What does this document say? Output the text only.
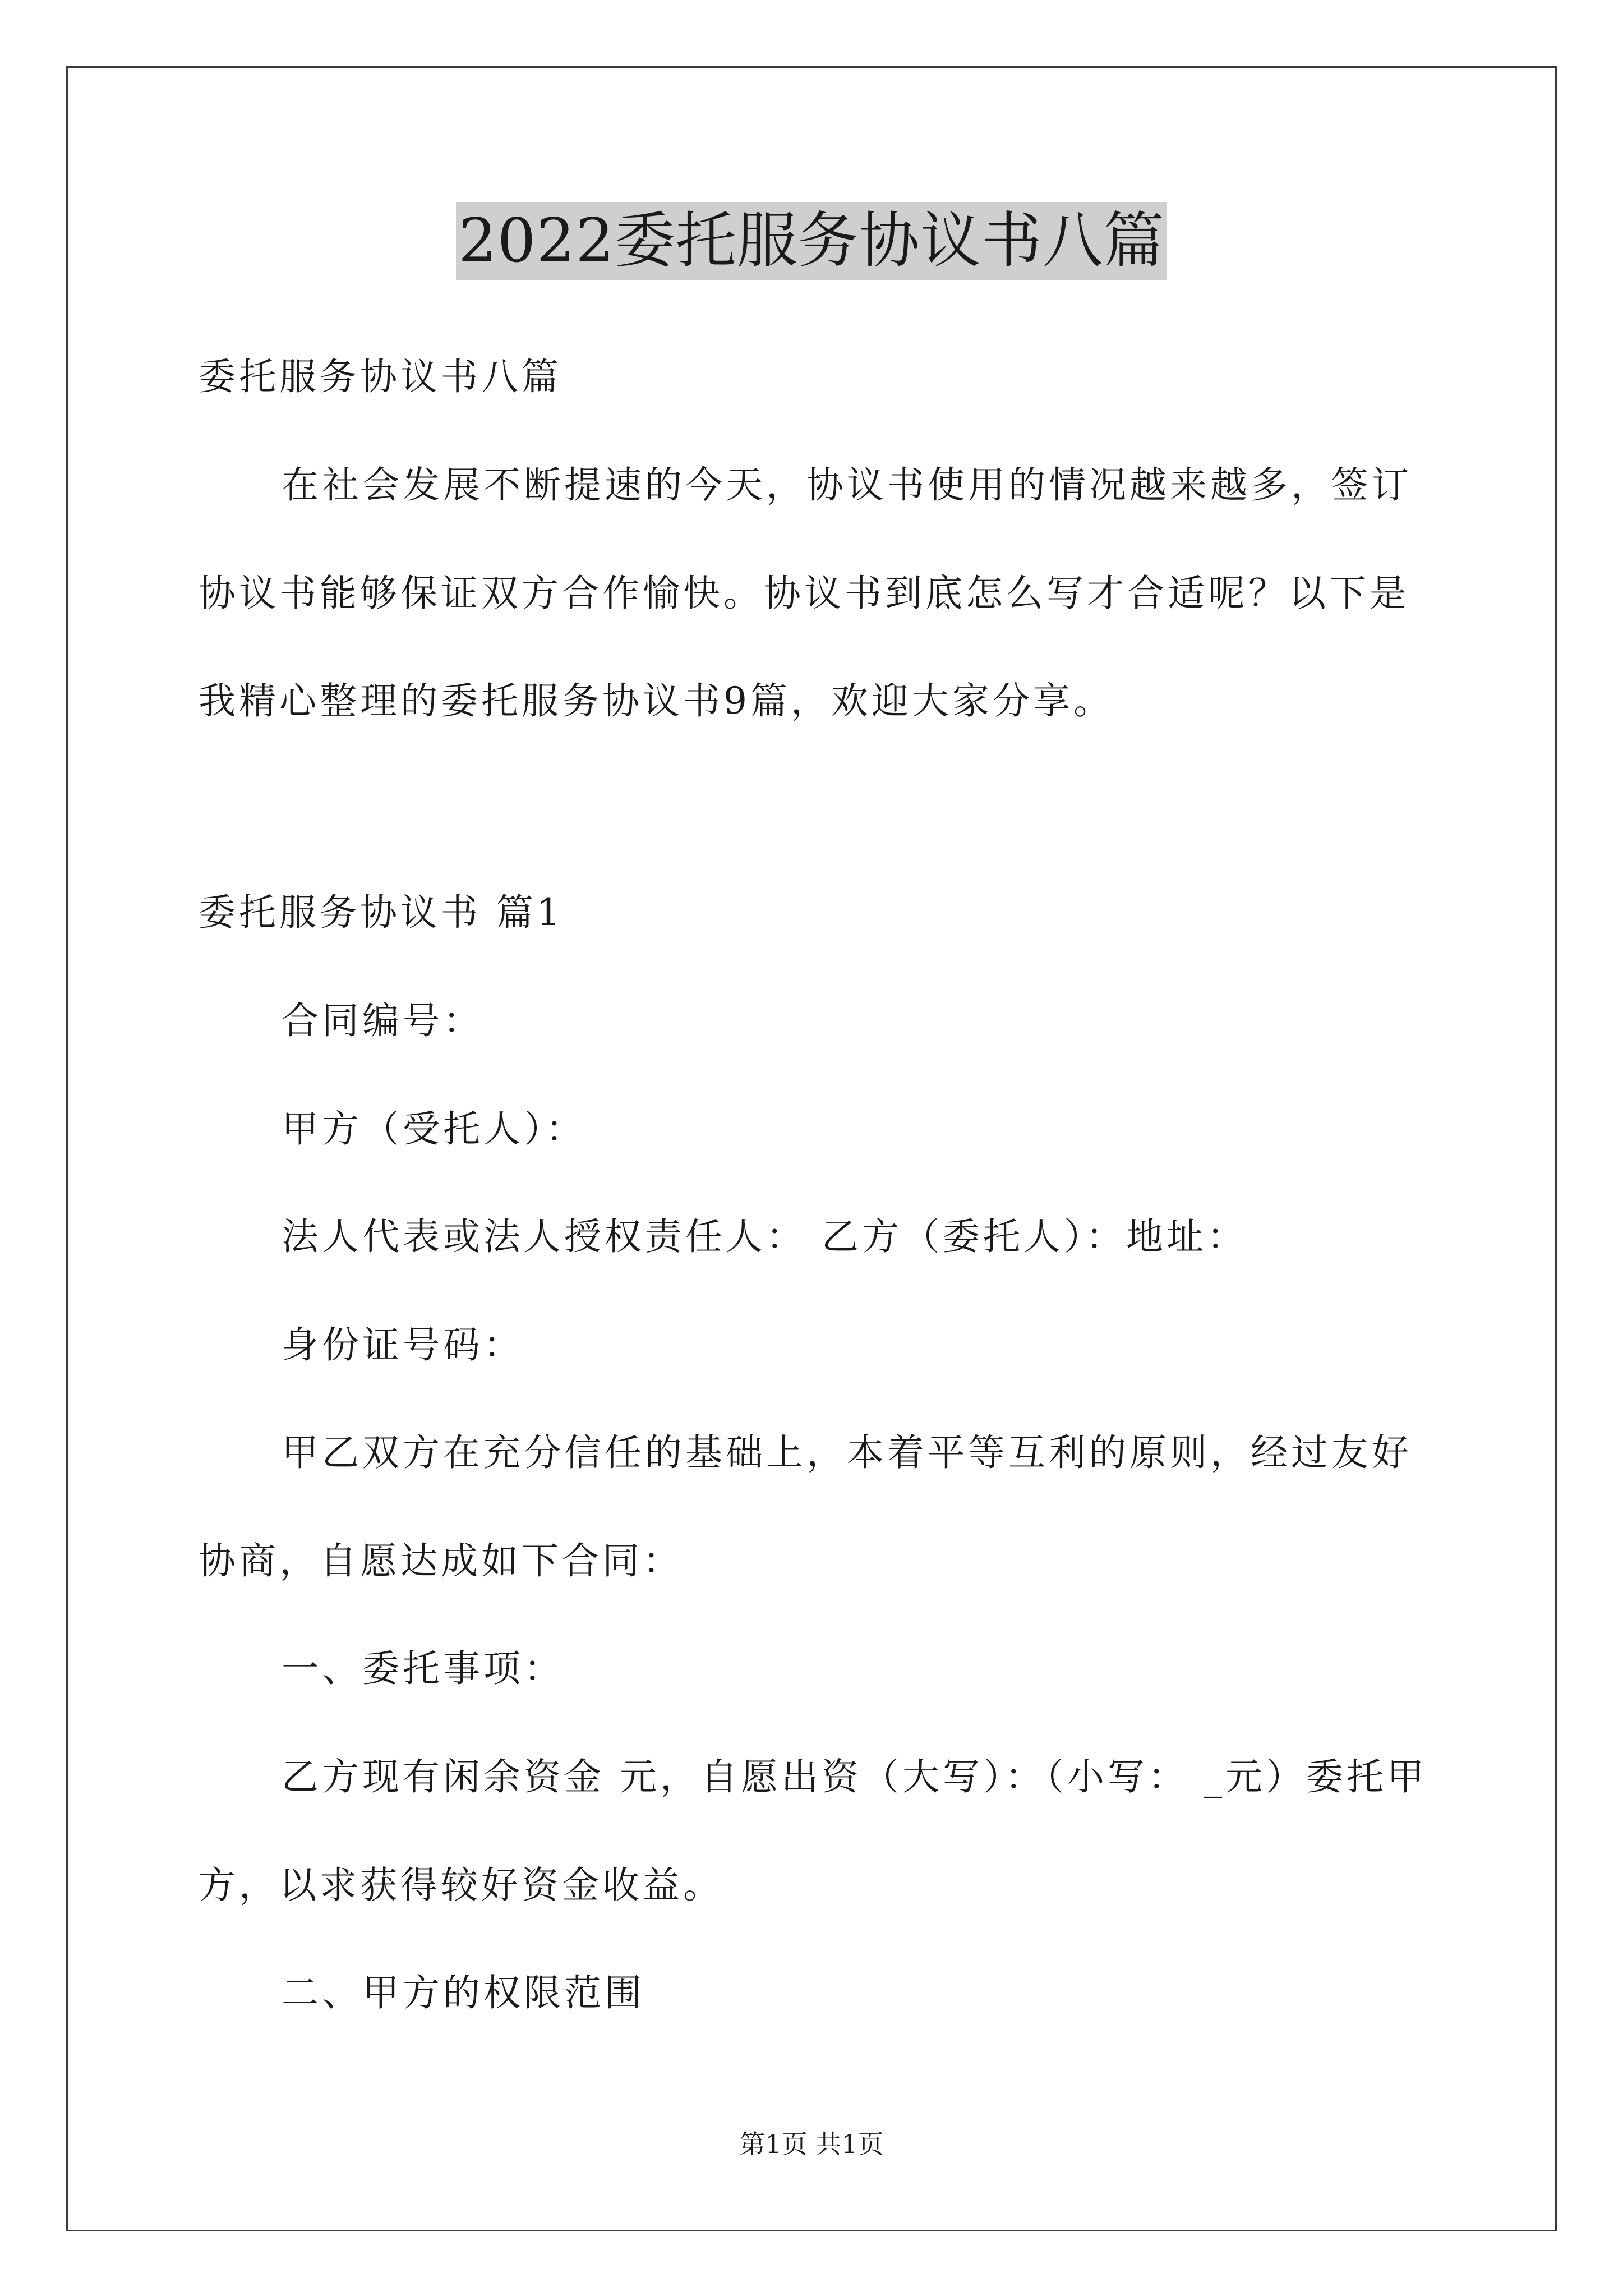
2022委托服务协议书八篇
委托服务协议书八篇
在社会发展不断提速的今天，协议书使用的情况越来越多，签订
协议书能够保证双方合作愉快。协议书到底怎么写才合适呢？以下是
我精心整理的委托服务协议书9篇，欢迎大家分享。
委托服务协议书 篇1
合同编号：
甲方（受托人）：
法人代表或法人授权责任人： 乙方（委托人）：地址：
身份证号码：
甲乙双方在充分信任的基础上，本着平等互利的原则，经过友好
协商，自愿达成如下合同：
一、委托事项：
乙方现有闲余资金 元，自愿出资（大写）：（小写： _元）委托甲
方，以求获得较好资金收益。
二、甲方的权限范围
第1页 共1页
